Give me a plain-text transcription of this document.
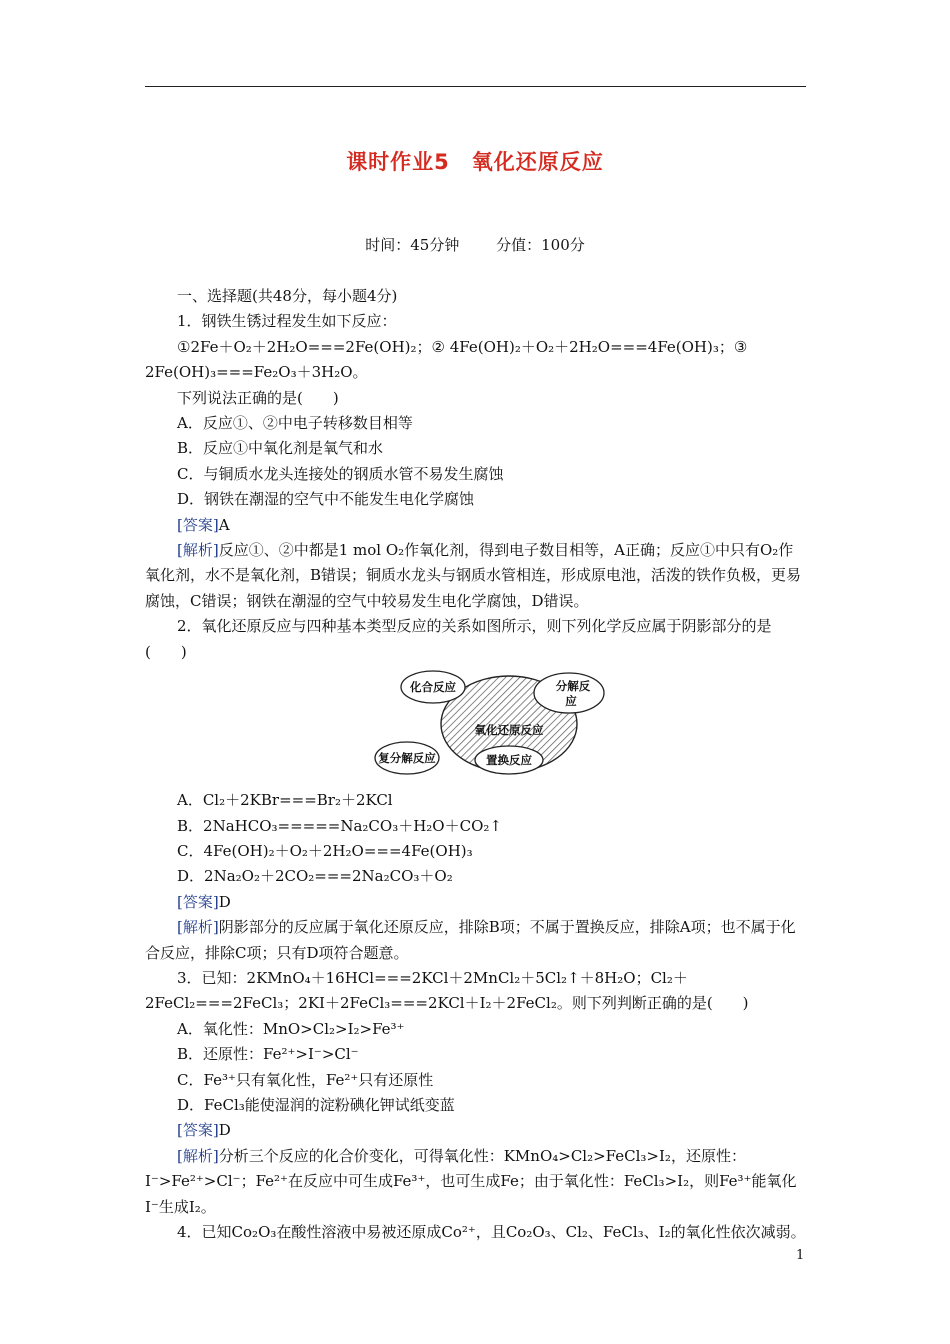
课时作业5　氧化还原反应
时间：45分钟 分值：100分

一、选择题(共48分，每小题4分)

1．钢铁生锈过程发生如下反应：

①2Fe＋O₂＋2H₂O===2Fe(OH)₂；② 4Fe(OH)₂＋O₂＋2H₂O===4Fe(OH)₃；③ 2Fe(OH)₃===Fe₂O₃＋3H₂O。

下列说法正确的是(　　)

A．反应①、②中电子转移数目相等

B．反应①中氧化剂是氧气和水

C．与铜质水龙头连接处的钢质水管不易发生腐蚀

D．钢铁在潮湿的空气中不能发生电化学腐蚀

[答案]A

[解析]反应①、②中都是1 mol O₂作氧化剂，得到电子数目相等，A正确；反应①中只有O₂作氧化剂，水不是氧化剂，B错误；铜质水龙头与钢质水管相连，形成原电池，活泼的铁作负极，更易腐蚀，C错误；钢铁在潮湿的空气中较易发生电化学腐蚀，D错误。

2．氧化还原反应与四种基本类型反应的关系如图所示，则下列化学反应属于阴影部分的是(　　)

氧化还原反应
化合反应	分解反
应
复分解反应	置换反应

A．Cl₂＋2KBr===Br₂＋2KCl

B．2NaHCO₃=====Na₂CO₃＋H₂O＋CO₂↑

C．4Fe(OH)₂＋O₂＋2H₂O===4Fe(OH)₃

D．2Na₂O₂＋2CO₂===2Na₂CO₃＋O₂

[答案]D

[解析]阴影部分的反应属于氧化还原反应，排除B项；不属于置换反应，排除A项；也不属于化合反应，排除C项；只有D项符合题意。

3．已知：2KMnO₄＋16HCl===2KCl＋2MnCl₂＋5Cl₂↑＋8H₂O；Cl₂＋2FeCl₂===2FeCl₃；2KI＋2FeCl₃===2KCl＋I₂＋2FeCl₂。则下列判断正确的是(　　)

A．氧化性：MnO>Cl₂>I₂>Fe³⁺

B．还原性：Fe²⁺>I⁻>Cl⁻

C．Fe³⁺只有氧化性，Fe²⁺只有还原性

D．FeCl₃能使湿润的淀粉碘化钾试纸变蓝

[答案]D

[解析]分析三个反应的化合价变化，可得氧化性：KMnO₄>Cl₂>FeCl₃>I₂，还原性：I⁻>Fe²⁺>Cl⁻；Fe²⁺在反应中可生成Fe³⁺，也可生成Fe；由于氧化性：FeCl₃>I₂，则Fe³⁺能氧化I⁻生成I₂。

4．已知Co₂O₃在酸性溶液中易被还原成Co²⁺，且Co₂O₃、Cl₂、FeCl₃、I₂的氧化性依次减弱。

1
